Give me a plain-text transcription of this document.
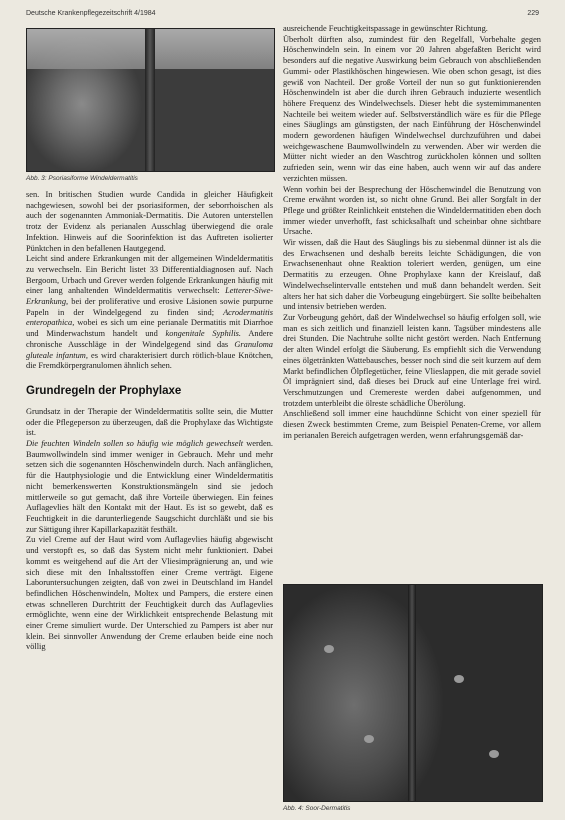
Deutsche Krankenpflegezeitschrift 4/1984	229
Abb. 3: Psoriasiforme Windeldermatitis

sen. In britischen Studien wurde Candida in gleicher Häufigkeit nachgewiesen, sowohl bei der psoriasiformen, der seborrhoischen als auch der sogenannten Ammoniak-Dermatitis. Die Autoren unterstellen trotz der Evidenz als perianalen Ausschlag überwiegend die orale Infektion. Hinweis auf die Soorinfektion ist das Auftreten isolierter Pünktchen in den befallenen Hautgegend.

Leicht sind andere Erkrankungen mit der allgemeinen Windeldermatitis zu verwechseln. Ein Bericht listet 33 Differentialdiagnosen auf. Nach Bergoom, Urbach und Grever werden folgende Erkrankungen häufig mit einer lang anhaltenden Windeldermatitis verwechselt: Letterer-Siwe-Erkrankung, bei der proliferative und erosive Läsionen sowie purpurne Papeln in der Windelgegend zu finden sind; Acrodermatitis enteropathica, wobei es sich um eine perianale Dermatitis mit Diarrhoe und Minderwachstum handelt und kongenitale Syphilis. Andere chronische Ausschläge in der Windelgegend sind das Granuloma gluteale infantum, es wird charakterisiert durch rötlich-blaue Knötchen, die Fremdkörpergranulomen ähnlich sehen.

Grundregeln der Prophylaxe

Grundsatz in der Therapie der Windeldermatitis sollte sein, die Mutter oder die Pflegeperson zu überzeugen, daß die Prophylaxe das Wichtigste ist.

Die feuchten Windeln sollen so häufig wie möglich gewechselt werden. Baumwollwindeln sind immer weniger in Gebrauch. Mehr und mehr setzen sich die sogenannten Höschenwindeln durch. Nach anfänglichen, für die Hautphysiologie und die Entwicklung einer Windeldermatitis nicht bemerkenswerten Konstruktionsmängeln sind sie jedoch mittlerweile so gut gemacht, daß ihre Vorteile überwiegen. Ein feines Auflagevlies hält den Kontakt mit der Haut. Es ist so gewebt, daß es Feuchtigkeit in die darunterliegende Saugschicht durchläßt und sie bis zur Sättigung ihrer Kapillarkapazität festhält.

Zu viel Creme auf der Haut wird vom Auflagevlies häufig abgewischt und verstopft es, so daß das System nicht mehr funktioniert. Dabei kommt es weitgehend auf die Art der Vliesimprägnierung an, und wie sich diese mit den Inhaltsstoffen einer Creme verträgt. Eigene Laboruntersuchungen zeigten, daß von zwei in Deutschland im Handel befindlichen Höschenwindeln, Moltex und Pampers, die erstere einen etwas schnelleren Durchtritt der Feuchtigkeit durch das Auflagevlies ermöglichte, wenn eine der Wirklichkeit entsprechende Belastung mit einer Creme simuliert wurde. Der Unterschied zu Pampers ist aber nur klein. Bei sinnvoller Anwendung der Creme erlauben beide eine noch völlig

ausreichende Feuchtigkeitspassage in gewünschter Richtung.

Überholt dürften also, zumindest für den Regelfall, Vorbehalte gegen Höschenwindeln sein. In einem vor 20 Jahren abgefaßten Bericht wird besonders auf die negative Auswirkung beim Gebrauch von abschließenden Gummi- oder Plastikhöschen hingewiesen. Wie oben schon gesagt, ist dies gewiß von Nachteil. Der große Vorteil der nun so gut funktionierenden Höschenwindeln ist aber die durch ihren Gebrauch induzierte wesentlich höhere Frequenz des Windelwechsels. Dieser hebt die systemimmanenten Nachteile bei weitem wieder auf. Selbstverständlich wäre es für die Pflege eines Säuglings am günstigsten, der nach Einführung der Höschenwindel modern gewordenen häufigen Windelwechsel durchzuführen und dabei weichgewaschene Baumwollwindeln zu verwenden. Aber wir werden die Mütter nicht wieder an den Waschtrog zurückholen können und sollten zufrieden sein, wenn wir das eine haben, auch wenn wir auf das andere verzichten müssen.

Wenn vorhin bei der Besprechung der Höschenwindel die Benutzung von Creme erwähnt worden ist, so nicht ohne Grund. Bei aller Sorgfalt in der Pflege und größter Reinlichkeit entstehen die Windeldermatitiden eben doch immer wieder unverhofft, fast schicksalhaft und scheinbar ohne sichtbare Ursache.

Wir wissen, daß die Haut des Säuglings bis zu siebenmal dünner ist als die des Erwachsenen und deshalb bereits leichte Schädigungen, die von Erwachsenenhaut ohne Reaktion toleriert werden, genügen, um eine Dermatitis zu erzeugen. Ohne Prophylaxe kann der Kreislauf, daß Windelwechselintervalle entstehen und muß dann behandelt werden. Seit alters her hat sich daher die Vorbeugung eingebürgert. Sie sollte beibehalten und intensiv betrieben werden.

Zur Vorbeugung gehört, daß der Windelwechsel so häufig erfolgen soll, wie man es sich zeitlich und finanziell leisten kann. Tagsüber mindestens alle drei Stunden. Die Nachtruhe sollte nicht gestört werden. Nach Entfernung der alten Windel erfolgt die Säuberung. Es empfiehlt sich die Verwendung eines ölgetränkten Wattebausches, besser noch sind die seit kurzem auf dem Markt befindlichen Ölpflegetücher, feine Vlieslappen, die mit gerade soviel Öl imprägniert sind, daß dieses bei Druck auf eine Unterlage frei wird. Verschmutzungen und Cremereste werden dabei aufgenommen, und trotzdem unterbleibt die ölreste schädliche Überölung.

Anschließend soll immer eine hauchdünne Schicht von einer speziell für diesen Zweck bestimmten Creme, zum Beispiel Penaten-Creme, vor allem im perianalen Bereich aufgetragen werden, wenn erfahrungsgemäß dar-

Abb. 4: Soor-Dermatitis
